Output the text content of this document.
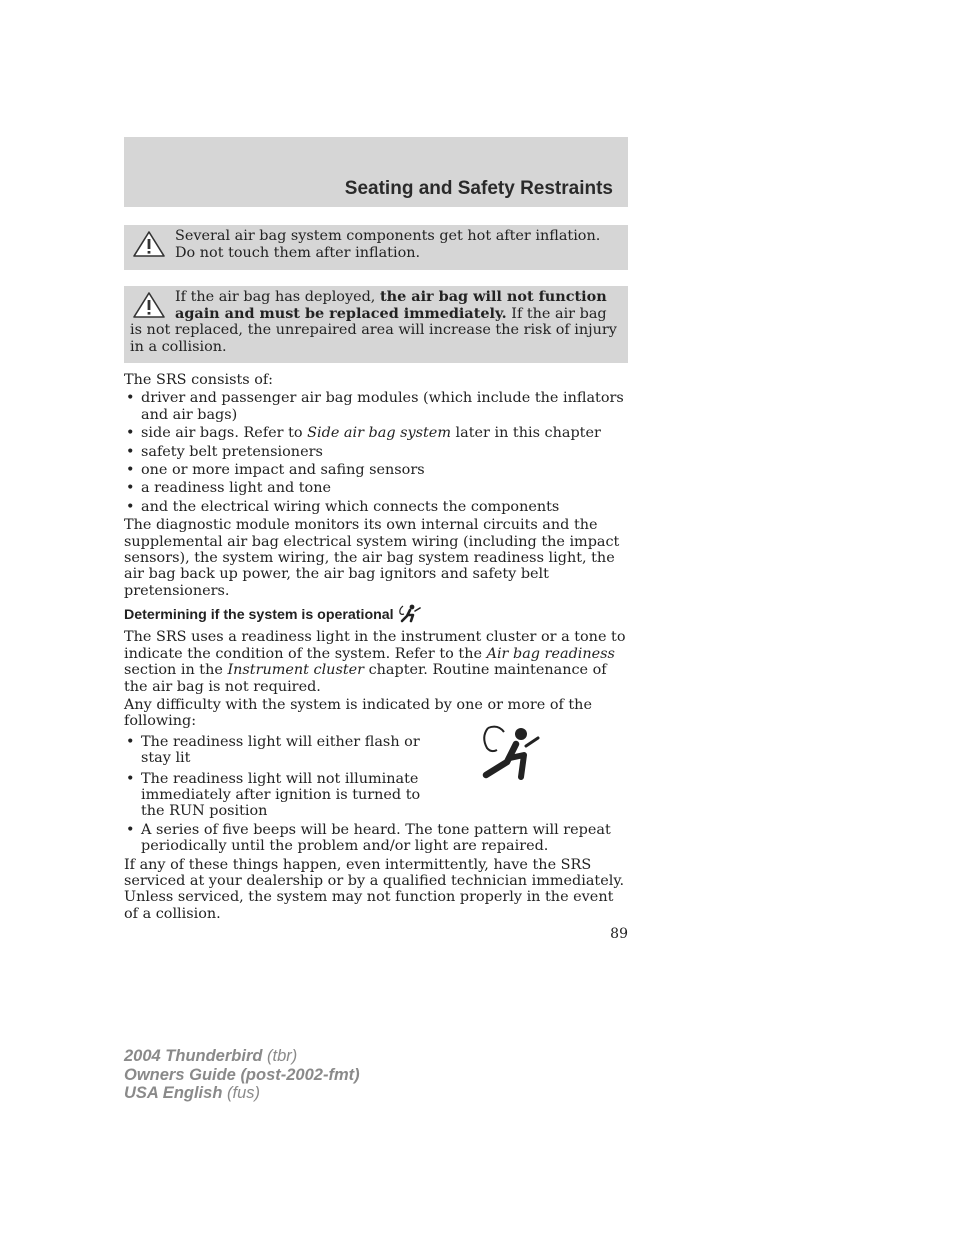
Seating and Safety Restraints
Several air bag system components get hot after inflation. Do not touch them after inflation.
If the air bag has deployed, the air bag will not function again and must be replaced immediately. If the air bag is not replaced, the unrepaired area will increase the risk of injury in a collision.

The SRS consists of:

• driver and passenger air bag modules (which include the inflators and air bags)
• side air bags. Refer to Side air bag system later in this chapter
• safety belt pretensioners
• one or more impact and safing sensors
• a readiness light and tone
• and the electrical wiring which connects the components

The diagnostic module monitors its own internal circuits and the supplemental air bag electrical system wiring (including the impact sensors), the system wiring, the air bag system readiness light, the air bag back up power, the air bag ignitors and safety belt pretensioners.

Determining if the system is operational

The SRS uses a readiness light in the instrument cluster or a tone to indicate the condition of the system. Refer to the Air bag readiness section in the Instrument cluster chapter. Routine maintenance of the air bag is not required.

Any difficulty with the system is indicated by one or more of the following:

• The readiness light will either flash or stay lit
• The readiness light will not illuminate immediately after ignition is turned to the RUN position
• A series of five beeps will be heard. The tone pattern will repeat periodically until the problem and/or light are repaired.

If any of these things happen, even intermittently, have the SRS serviced at your dealership or by a qualified technician immediately. Unless serviced, the system may not function properly in the event of a collision.

89
2004 Thunderbird (tbr)
Owners Guide (post-2002-fmt)
USA English (fus)
